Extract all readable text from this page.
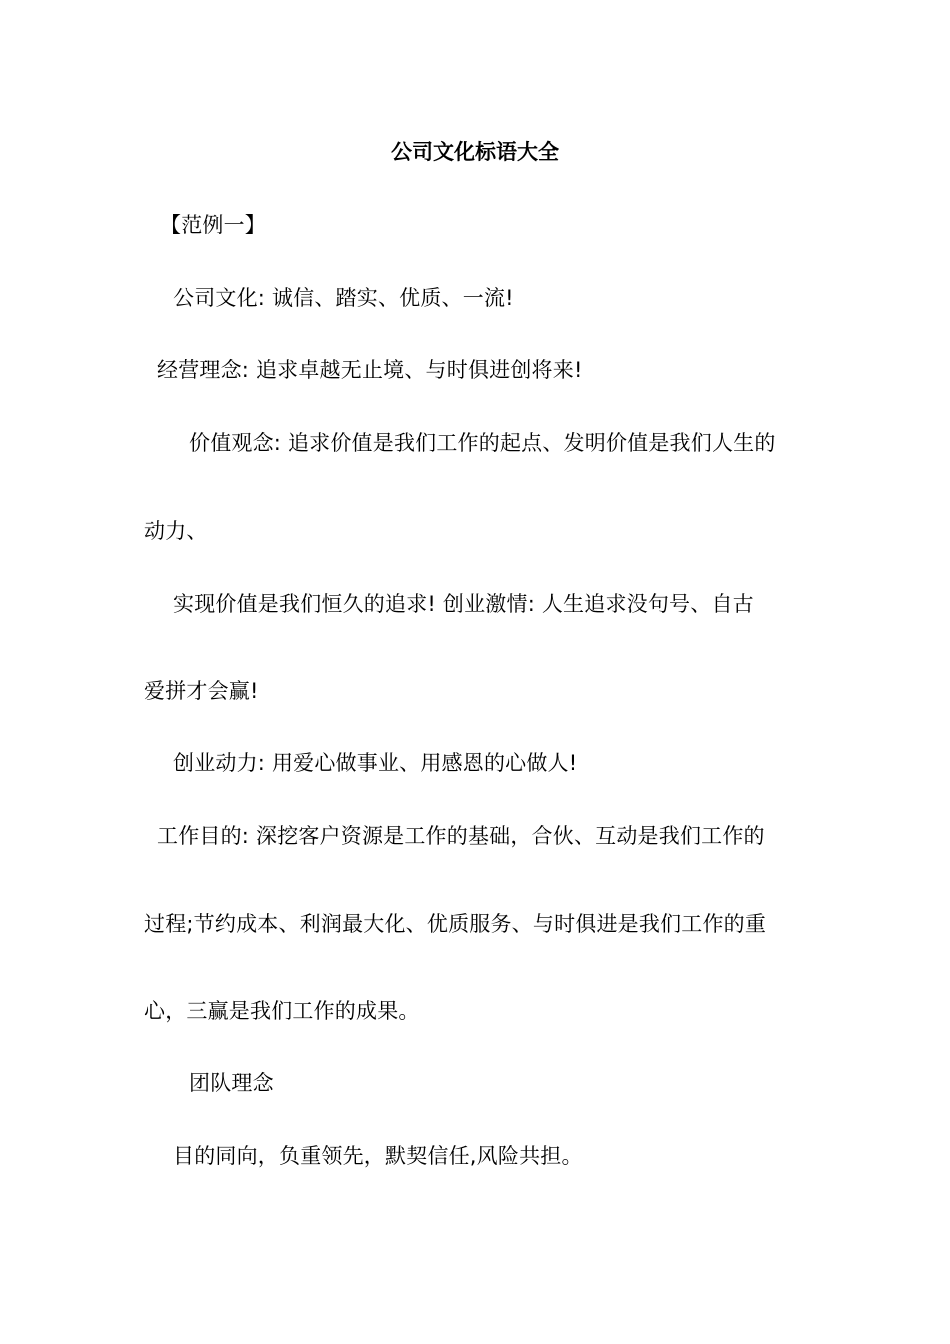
公司文化标语大全
【范例一】
公司文化: 诚信、踏实、优质、一流!
经营理念: 追求卓越无止境、与时俱进创将来!
价值观念: 追求价值是我们工作的起点、发明价值是我们人生的
动力、
实现价值是我们恒久的追求! 创业激情: 人生追求没句号、自古
爱拼才会赢!
创业动力: 用爱心做事业、用感恩的心做人!
工作目的: 深挖客户资源是工作的基础，合伙、互动是我们工作的
过程;节约成本、利润最大化、优质服务、与时俱进是我们工作的重
心，三赢是我们工作的成果。
团队理念
目的同向，负重领先，默契信任,风险共担。
